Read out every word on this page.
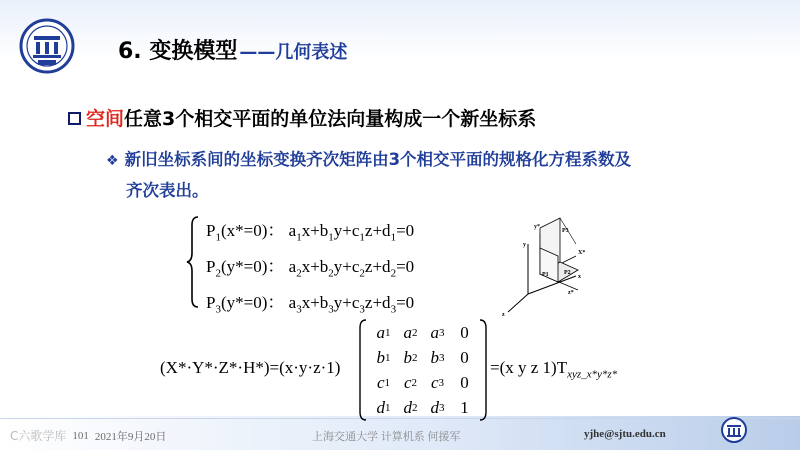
6. 变换模型 ——几何表述
空间 任意3个相交平面的单位法向量构成一个新坐标系
❖ 新旧坐标系间的坐标变换齐次矩阵由3个相交平面的规格化方程系数及
齐次表出。
$P_1(x*=0)$： $a_1x+b_1y+c_1z+d_1=0$
$P_2(y*=0)$： $a_2x+b_2y+c_2z+d_2=0$
$P_3(y*=0)$： $a_3x+b_3y+c_3z+d_3=0$
y*
y
P3
X*
P1	P2
x
z*
z
(X*·Y*·Z*·H*)=(x·y·z·1)
a 1 a 2 a 3 0
b 1 b 2 b 3 0
c 1 c 2 c 3 0
d 1 d 2 d 3 1
=(x y z $1)T_{xyz\_x*y*z*}$
C六歌学库 101 2021年9月20日	上海交通大学 计算机系 何援军	yjhe@sjtu.edu.cn
